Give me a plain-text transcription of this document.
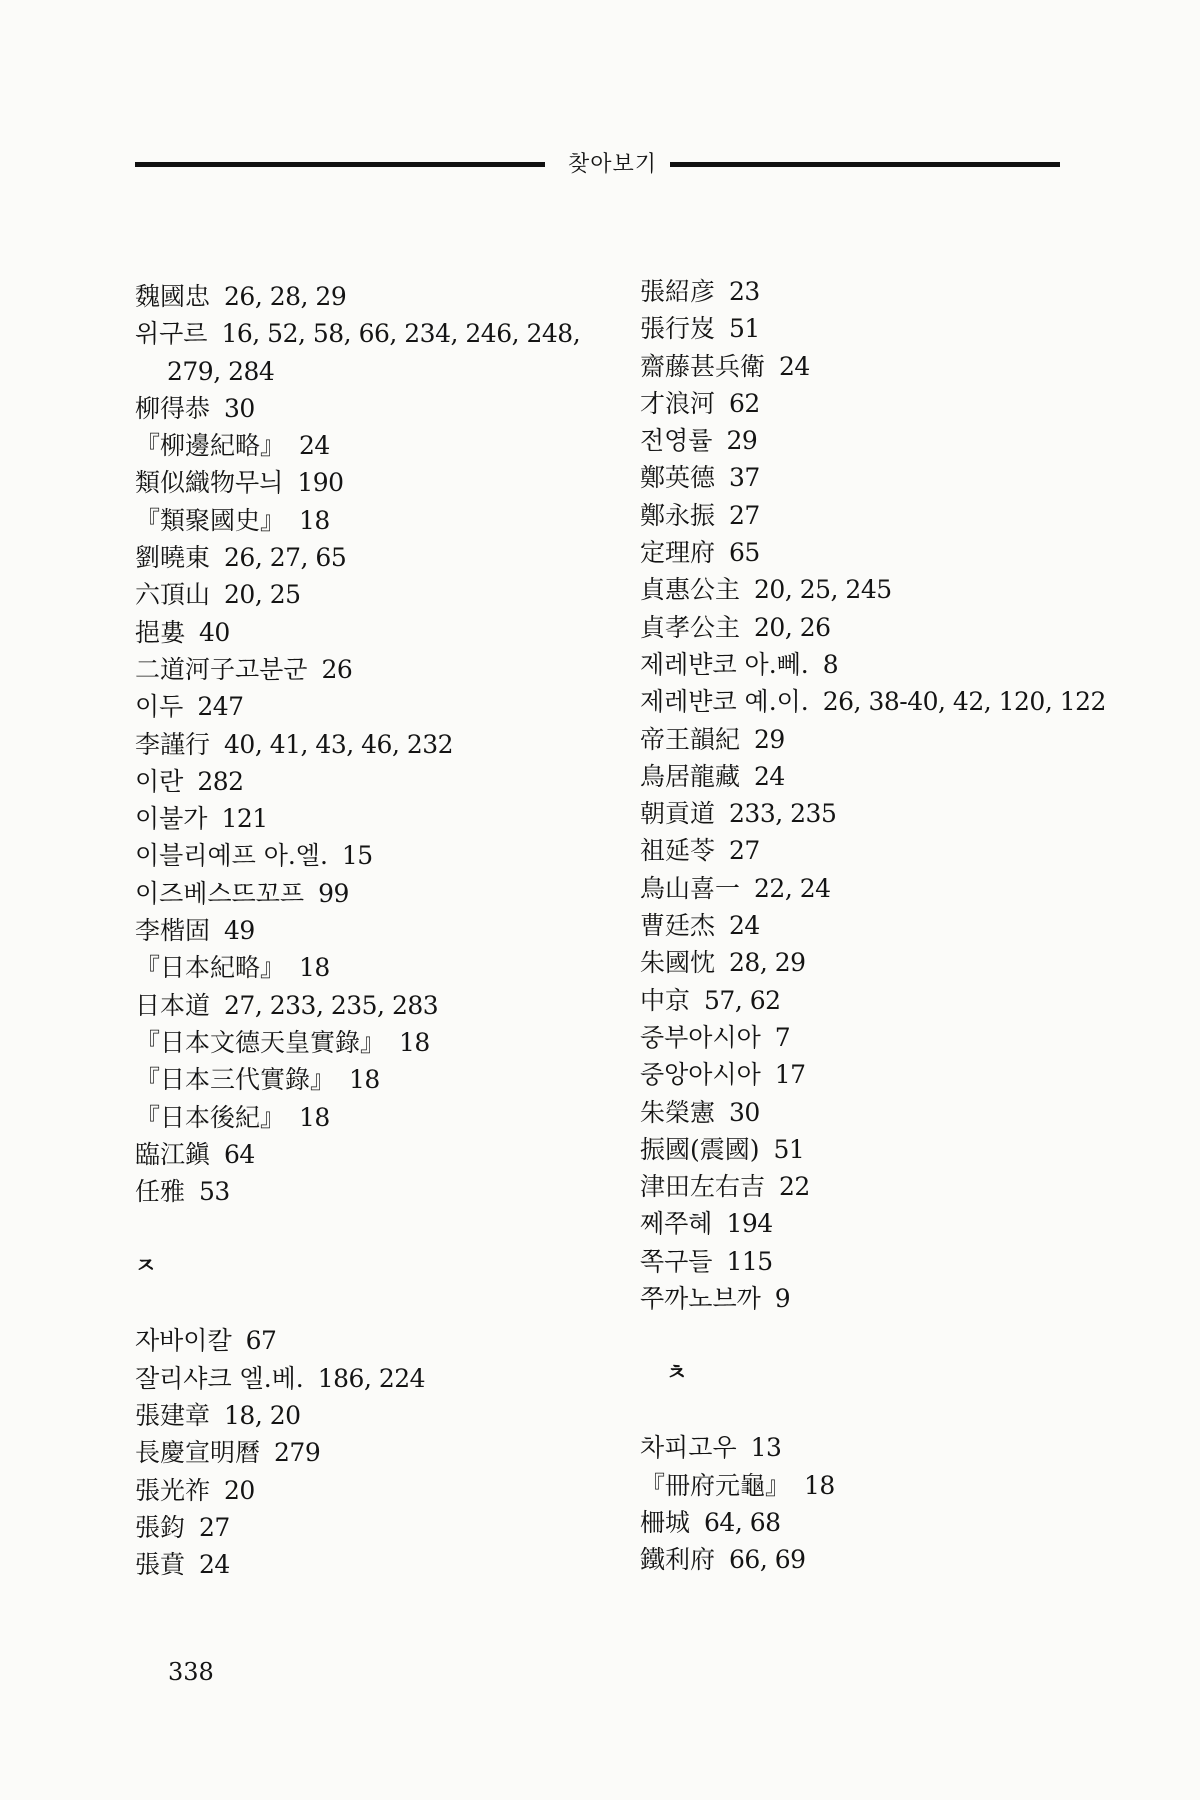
찾아보기
魏國忠 26, 28, 29
위구르 16, 52, 58, 66, 234, 246, 248, 279, 284
柳得恭 30
『柳邊紀略』 24
類似織物무늬 190
『類聚國史』 18
劉曉東 26, 27, 65
六頂山 20, 25
挹婁 40
二道河子고분군 26
이두 247
李謹行 40, 41, 43, 46, 232
이란 282
이불가 121
이블리예프 아.엘. 15
이즈베스뜨꼬프 99
李楷固 49
『日本紀略』 18
日本道 27, 233, 235, 283
『日本文德天皇實錄』 18
『日本三代實錄』 18
『日本後紀』 18
臨江鎭 64
任雅 53
ㅈ
자바이칼 67
잘리샤크 엘.베. 186, 224
張建章 18, 20
長慶宣明曆 279
張光祚 20
張鈞 27
張賁 24
張紹彦 23
張行岌 51
齋藤甚兵衛 24
才浪河 62
전영률 29
鄭英德 37
鄭永振 27
定理府 65
貞惠公主 20, 25, 245
貞孝公主 20, 26
제레뱐코 아.뻬. 8
제레뱐코 예.이. 26, 38-40, 42, 120, 122
帝王韻紀 29
鳥居龍藏 24
朝貢道 233, 235
祖延苓 27
鳥山喜一 22, 24
曹廷杰 24
朱國忱 28, 29
中京 57, 62
중부아시아 7
중앙아시아 17
朱榮憲 30
振國(震國) 51
津田左右吉 22
쩨쭈혜 194
쪽구들 115
쭈까노브까 9
ㅊ
차피고우 13
『冊府元龜』 18
柵城 64, 68
鐵利府 66, 69
338
